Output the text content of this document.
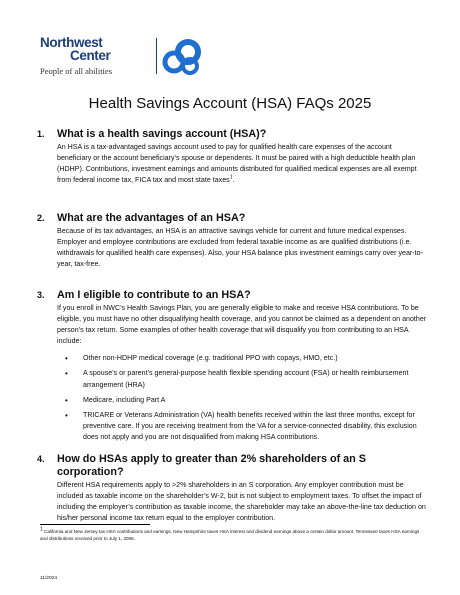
Northwest
Center
People of all abilities
Health Savings Account (HSA) FAQs 2025
1. What is a health savings account (HSA)?

An HSA is a tax-advantaged savings account used to pay for qualified health care expenses of the account beneficiary or the account beneficiary’s spouse or dependents. It must be paired with a high deductible health plan (HDHP). Contributions, investment earnings and amounts distributed for qualified medical expenses are all exempt from federal income tax, FICA tax and most state taxes$^1$.

2. What are the advantages of an HSA?

Because of its tax advantages, an HSA is an attractive savings vehicle for current and future medical expenses. Employer and employee contributions are excluded from federal taxable income as are qualified distributions (i.e. withdrawals for qualified health care expenses). Also, your HSA balance plus investment earnings carry over year-to-year, tax-free.

3. Am I eligible to contribute to an HSA?

If you enroll in NWC’s Health Savings Plan, you are generally eligible to make and receive HSA contributions. To be eligible, you must have no other disqualifying health coverage, and you cannot be claimed as a dependent on another person’s tax return. Some examples of other health coverage that will disqualify you from contributing to an HSA include:

• Other non-HDHP medical coverage (e.g. traditional PPO with copays, HMO, etc.)
• A spouse’s or parent’s general-purpose health flexible spending account (FSA) or health reimbursement arrangement (HRA)
• Medicare, including Part A
• TRICARE or Veterans Administration (VA) health benefits received within the last three months, except for preventive care. If you are receiving treatment from the VA for a service-connected disability, this exclusion does not apply and you are not disqualified from making HSA contributions.
4. How do HSAs apply to greater than 2% shareholders of an S corporation?

Different HSA requirements apply to >2% shareholders in an S corporation. Any employer contribution must be included as taxable income on the shareholder’s W-2, but is not subject to employment taxes. To offset the impact of including the employer’s contribution as taxable income, the shareholder may take an above-the-line tax deduction on his/her personal income tax return equal to the employer contribution.

$^1$ California and New Jersey tax HSA contributions and earnings. New Hampshire taxes HSA interest and dividend earnings above a certain dollar amount. Tennessee taxes HSA earnings and distributions received prior to July 1, 2006.
11/2024
